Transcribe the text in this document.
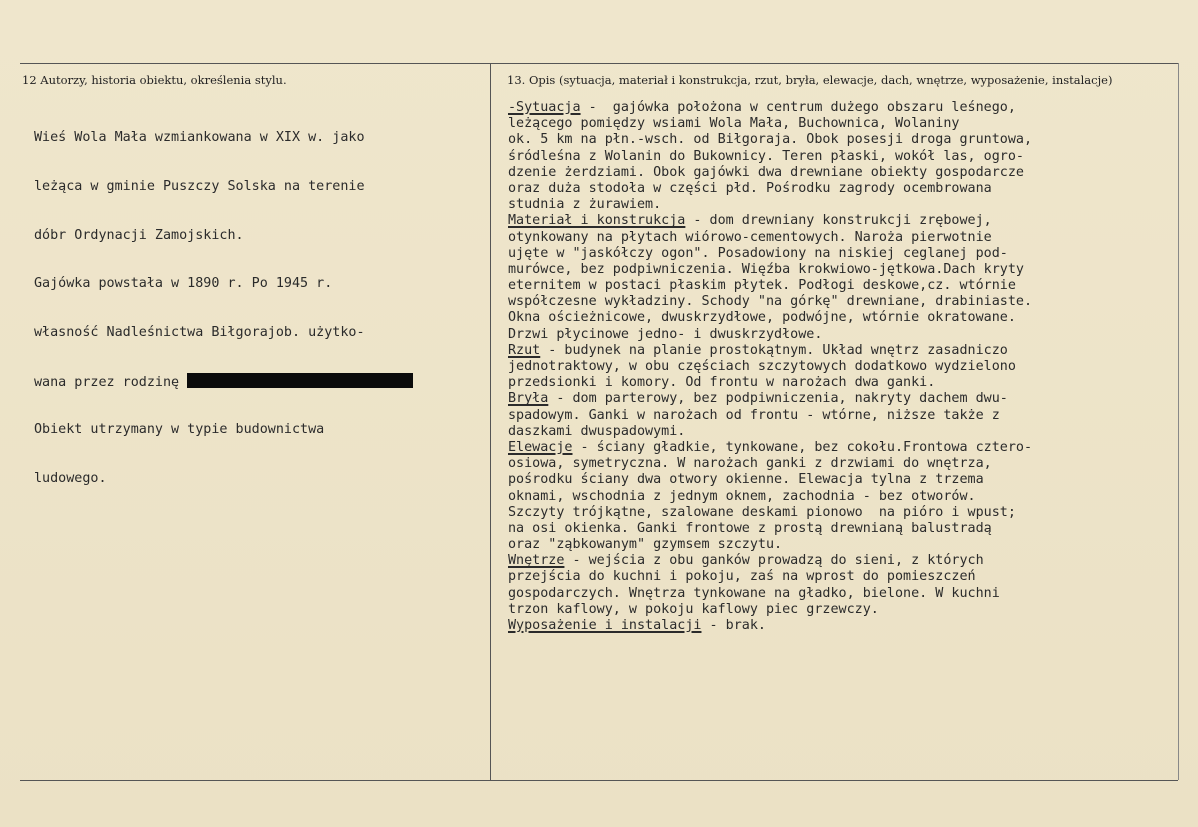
12 Autorzy, historia obiektu, określenia stylu.	13. Opis (sytuacja, materiał i konstrukcja, rzut, bryła, elewacje, dach, wnętrze, wyposażenie, instalacje)

Wieś Wola Mała wzmiankowana w XIX w. jako

leżąca w gminie Puszczy Solska na terenie

dóbr Ordynacji Zamojskich.

Gajówka powstała w 1890 r. Po 1945 r.

własność Nadleśnictwa Biłgorajob. użytko-

wana przez rodzinę

Obiekt utrzymany w typie budownictwa

ludowego.

-Sytuacja -  gajówka położona w centrum dużego obszaru leśnego,
leżącego pomiędzy wsiami Wola Mała, Buchownica, Wolaniny
ok. 5 km na płn.-wsch. od Biłgoraja. Obok posesji droga gruntowa,
śródleśna z Wolanin do Bukownicy. Teren płaski, wokół las, ogro-
dzenie żerdziami. Obok gajówki dwa drewniane obiekty gospodarcze
oraz duża stodoła w części płd. Pośrodku zagrody ocembrowana
studnia z żurawiem.
Materiał i konstrukcja - dom drewniany konstrukcji zrębowej,
otynkowany na płytach wiórowo-cementowych. Naroża pierwotnie
ujęte w "jaskółczy ogon". Posadowiony na niskiej ceglanej pod-
murówce, bez podpiwniczenia. Więźba krokwiowo-jętkowa.Dach kryty
eternitem w postaci płaskim płytek. Podłogi deskowe,cz. wtórnie
współczesne wykładziny. Schody "na górkę" drewniane, drabiniaste.
Okna ościeżnicowe, dwuskrzydłowe, podwójne, wtórnie okratowane.
Drzwi płycinowe jedno- i dwuskrzydłowe.
Rzut - budynek na planie prostokątnym. Układ wnętrz zasadniczo
jednotraktowy, w obu częściach szczytowych dodatkowo wydzielono
przedsionki i komory. Od frontu w narożach dwa ganki.
Bryła - dom parterowy, bez podpiwniczenia, nakryty dachem dwu-
spadowym. Ganki w narożach od frontu - wtórne, niższe także z
daszkami dwuspadowymi.
Elewacje - ściany gładkie, tynkowane, bez cokołu.Frontowa cztero-
osiowa, symetryczna. W narożach ganki z drzwiami do wnętrza,
pośrodku ściany dwa otwory okienne. Elewacja tylna z trzema
oknami, wschodnia z jednym oknem, zachodnia - bez otworów.
Szczyty trójkątne, szalowane deskami pionowo  na pióro i wpust;
na osi okienka. Ganki frontowe z prostą drewnianą balustradą
oraz "ząbkowanym" gzymsem szczytu.
Wnętrze - wejścia z obu ganków prowadzą do sieni, z których
przejścia do kuchni i pokoju, zaś na wprost do pomieszczeń
gospodarczych. Wnętrza tynkowane na gładko, bielone. W kuchni
trzon kaflowy, w pokoju kaflowy piec grzewczy.
Wyposażenie i instalacji - brak.
